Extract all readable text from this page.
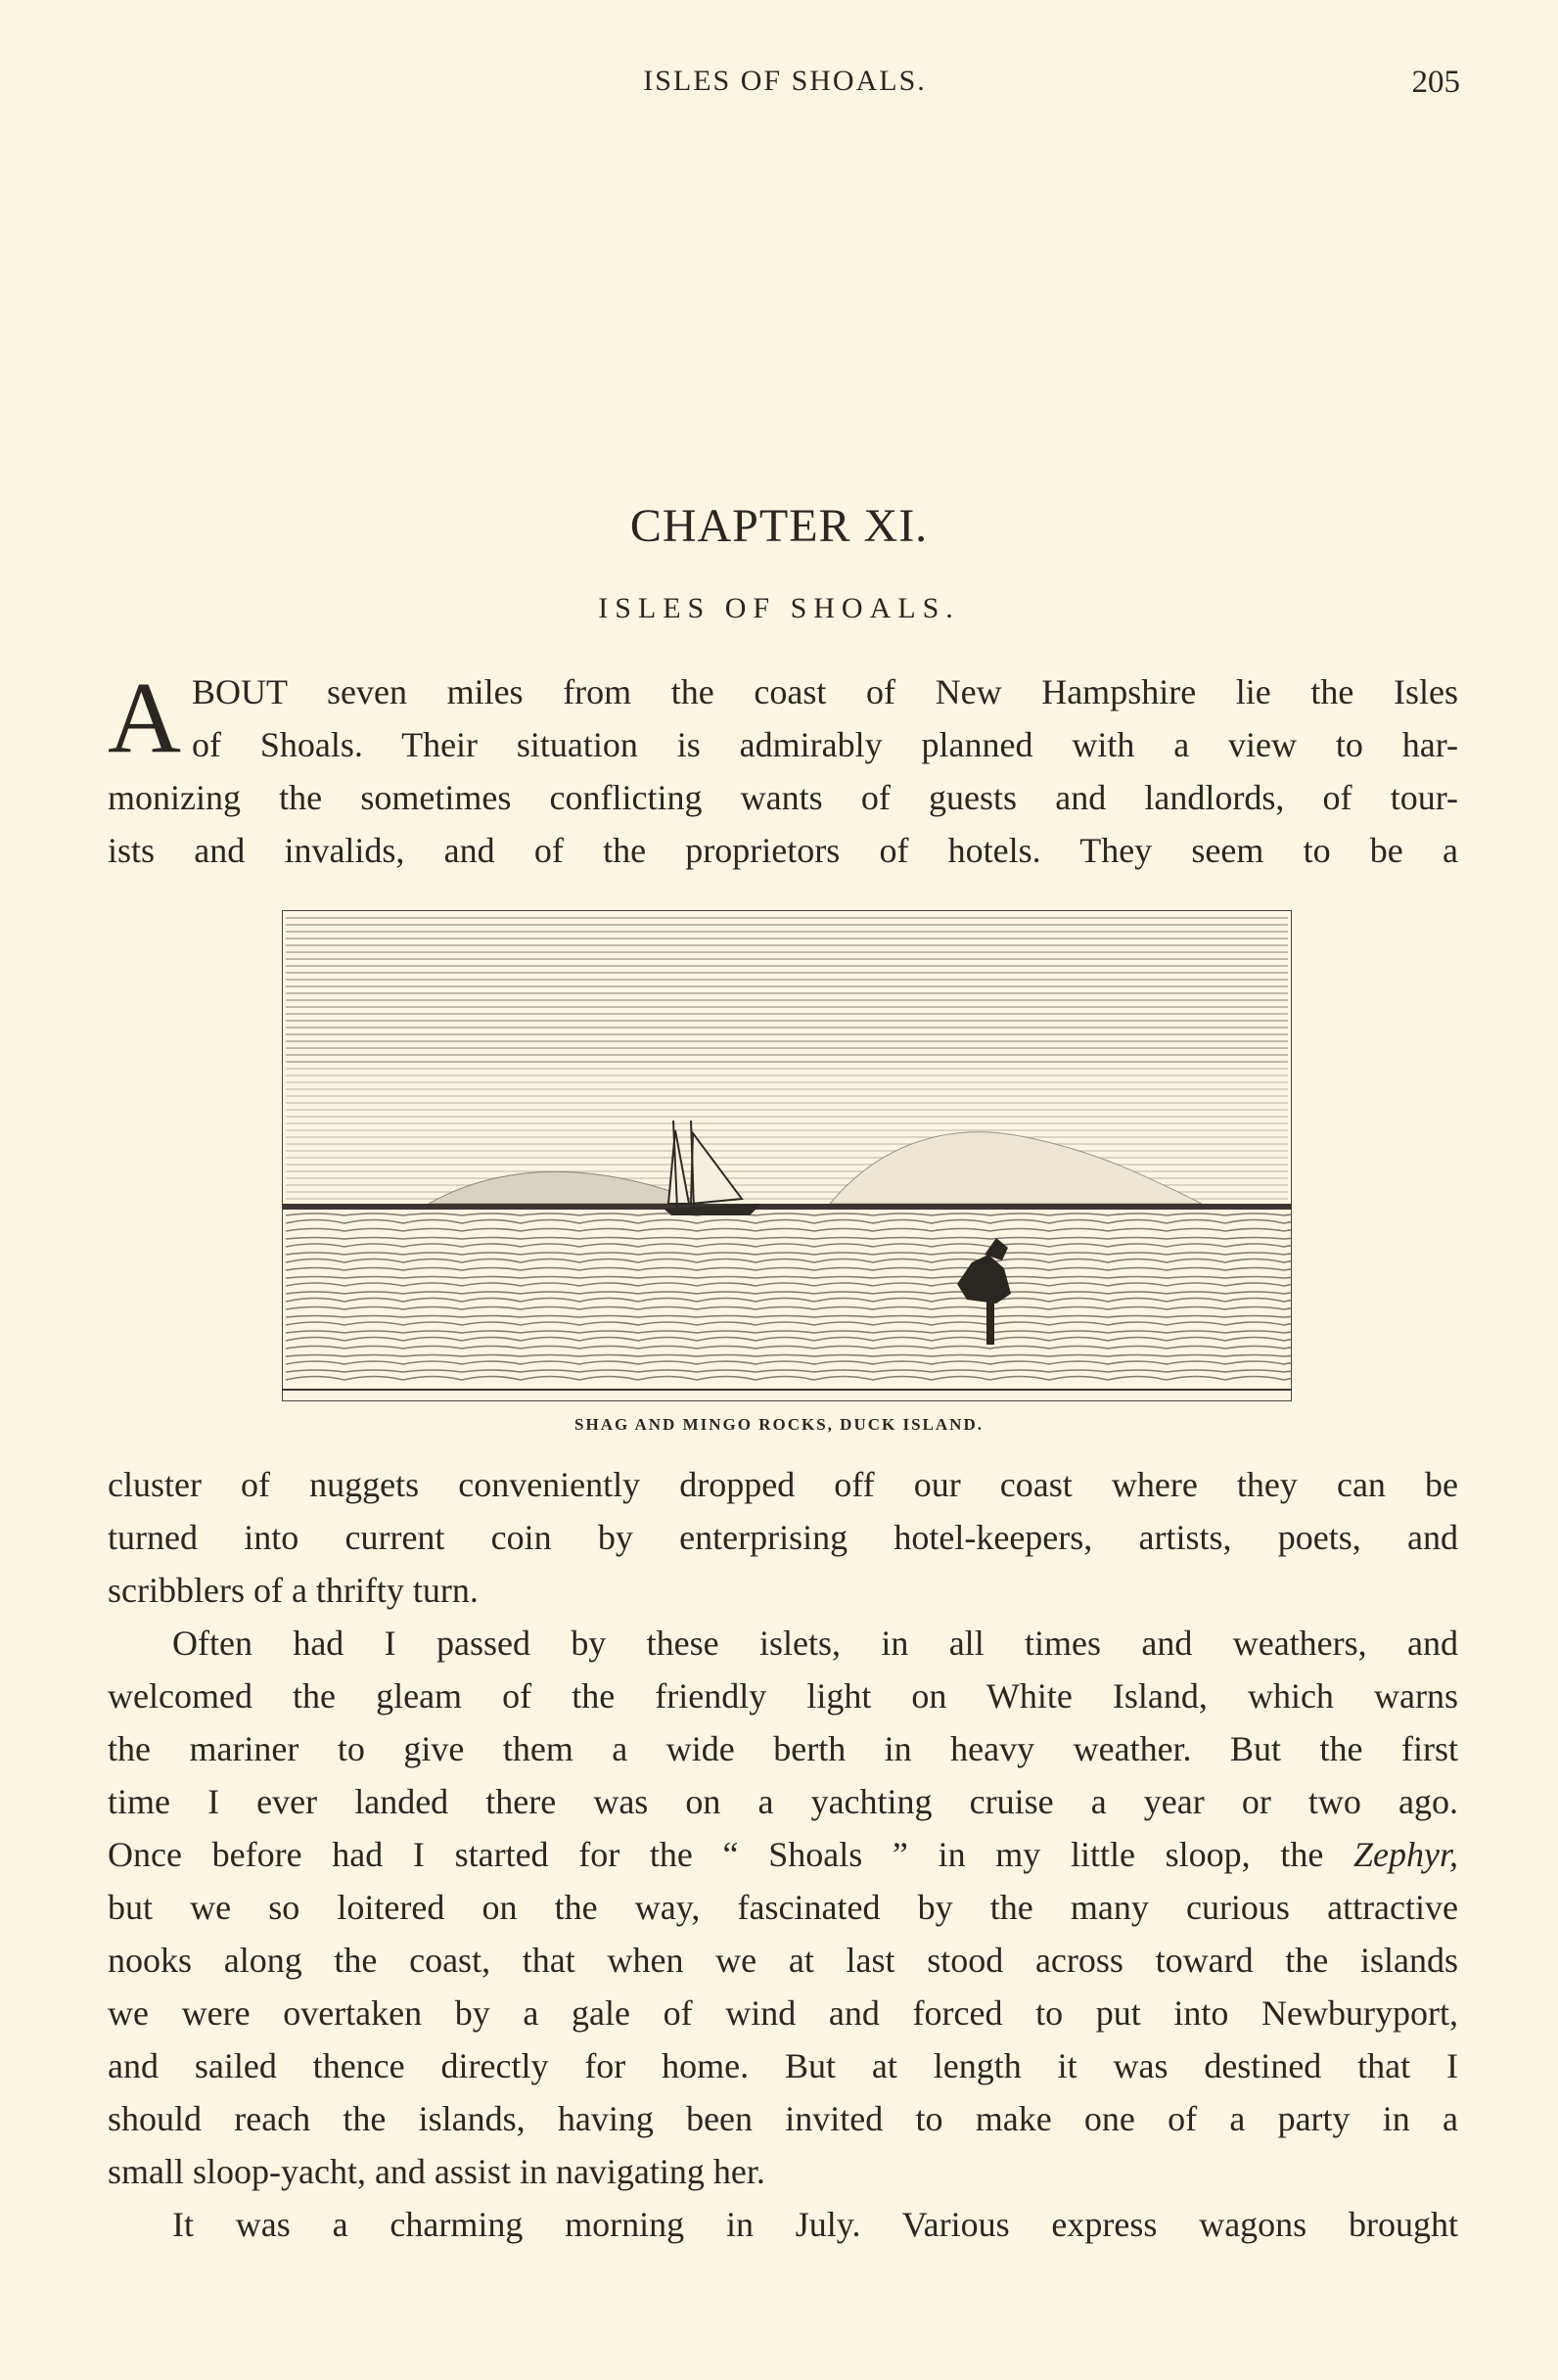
ISLES OF SHOALS.	205
CHAPTER XI.
ISLES OF SHOALS.
A BOUT seven miles from the coast of New Hampshire lie the Isles
of Shoals. Their situation is admirably planned with a view to har-
monizing the sometimes conflicting wants of guests and landlords, of tour-
ists and invalids, and of the proprietors of hotels. They seem to be a
SHAG AND MINGO ROCKS, DUCK ISLAND.
cluster of nuggets conveniently dropped off our coast where they can be
turned into current coin by enterprising hotel-keepers, artists, poets, and
scribblers of a thrifty turn.
Often had I passed by these islets, in all times and weathers, and
welcomed the gleam of the friendly light on White Island, which warns
the mariner to give them a wide berth in heavy weather. But the first
time I ever landed there was on a yachting cruise a year or two ago.
Once before had I started for the “ Shoals ” in my little sloop, the Zephyr,
but we so loitered on the way, fascinated by the many curious attractive
nooks along the coast, that when we at last stood across toward the islands
we were overtaken by a gale of wind and forced to put into Newburyport,
and sailed thence directly for home. But at length it was destined that I
should reach the islands, having been invited to make one of a party in a
small sloop-yacht, and assist in navigating her.
It was a charming morning in July. Various express wagons brought
